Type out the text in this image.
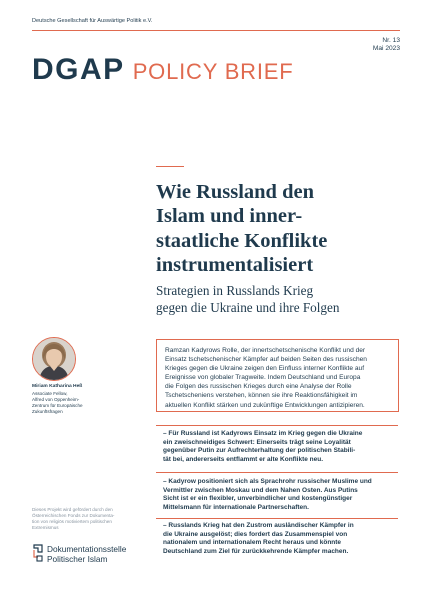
Deutsche Gesellschaft für Auswärtige Politik e.V.
Nr. 13
Mai 2023
DGAP POLICY BRIEF
Wie Russland den
Islam und inner-
staatliche Konflikte
instrumentalisiert
Strategien in Russlands Krieg
gegen die Ukraine und ihre Folgen
Miriam Katharina Heß
Associate Fellow,
Alfred von Oppenheim-
Zentrum für Europäische
Zukunftsfragen
Ramzan Kadyrows Rolle, der innertschetschenische Konflikt und der
Einsatz tschetschenischer Kämpfer auf beiden Seiten des russischen
Krieges gegen die Ukraine zeigen den Einfluss interner Konflikte auf
Ereignisse von globaler Tragweite. Indem Deutschland und Europa
die Folgen des russischen Krieges durch eine Analyse der Rolle
Tschetscheniens verstehen, können sie ihre Reaktionsfähigkeit im
aktuellen Konflikt stärken und zukünftige Entwicklungen antizipieren.
– Für Russland ist Kadyrows Einsatz im Krieg gegen die Ukraine
ein zweischneidiges Schwert: Einerseits trägt seine Loyalität
gegenüber Putin zur Aufrechterhaltung der politischen Stabili-
tät bei, andererseits entflammt er alte Konflikte neu.
– Kadyrow positioniert sich als Sprachrohr russischer Muslime und
Vermittler zwischen Moskau und dem Nahen Osten. Aus Putins
Sicht ist er ein flexibler, unverbindlicher und kostengünstiger
Mittelsmann für internationale Partnerschaften.
– Russlands Krieg hat den Zustrom ausländischer Kämpfer in
die Ukraine ausgelöst; dies fordert das Zusammenspiel von
nationalem und internationalem Recht heraus und könnte
Deutschland zum Ziel für zurückkehrende Kämpfer machen.
Dieses Projekt wird gefördert durch den
Österreichischen Fonds zur Dokumenta-
tion von religiös motiviertem politischen
Extremismus
Dokumentationsstelle
Politischer Islam
